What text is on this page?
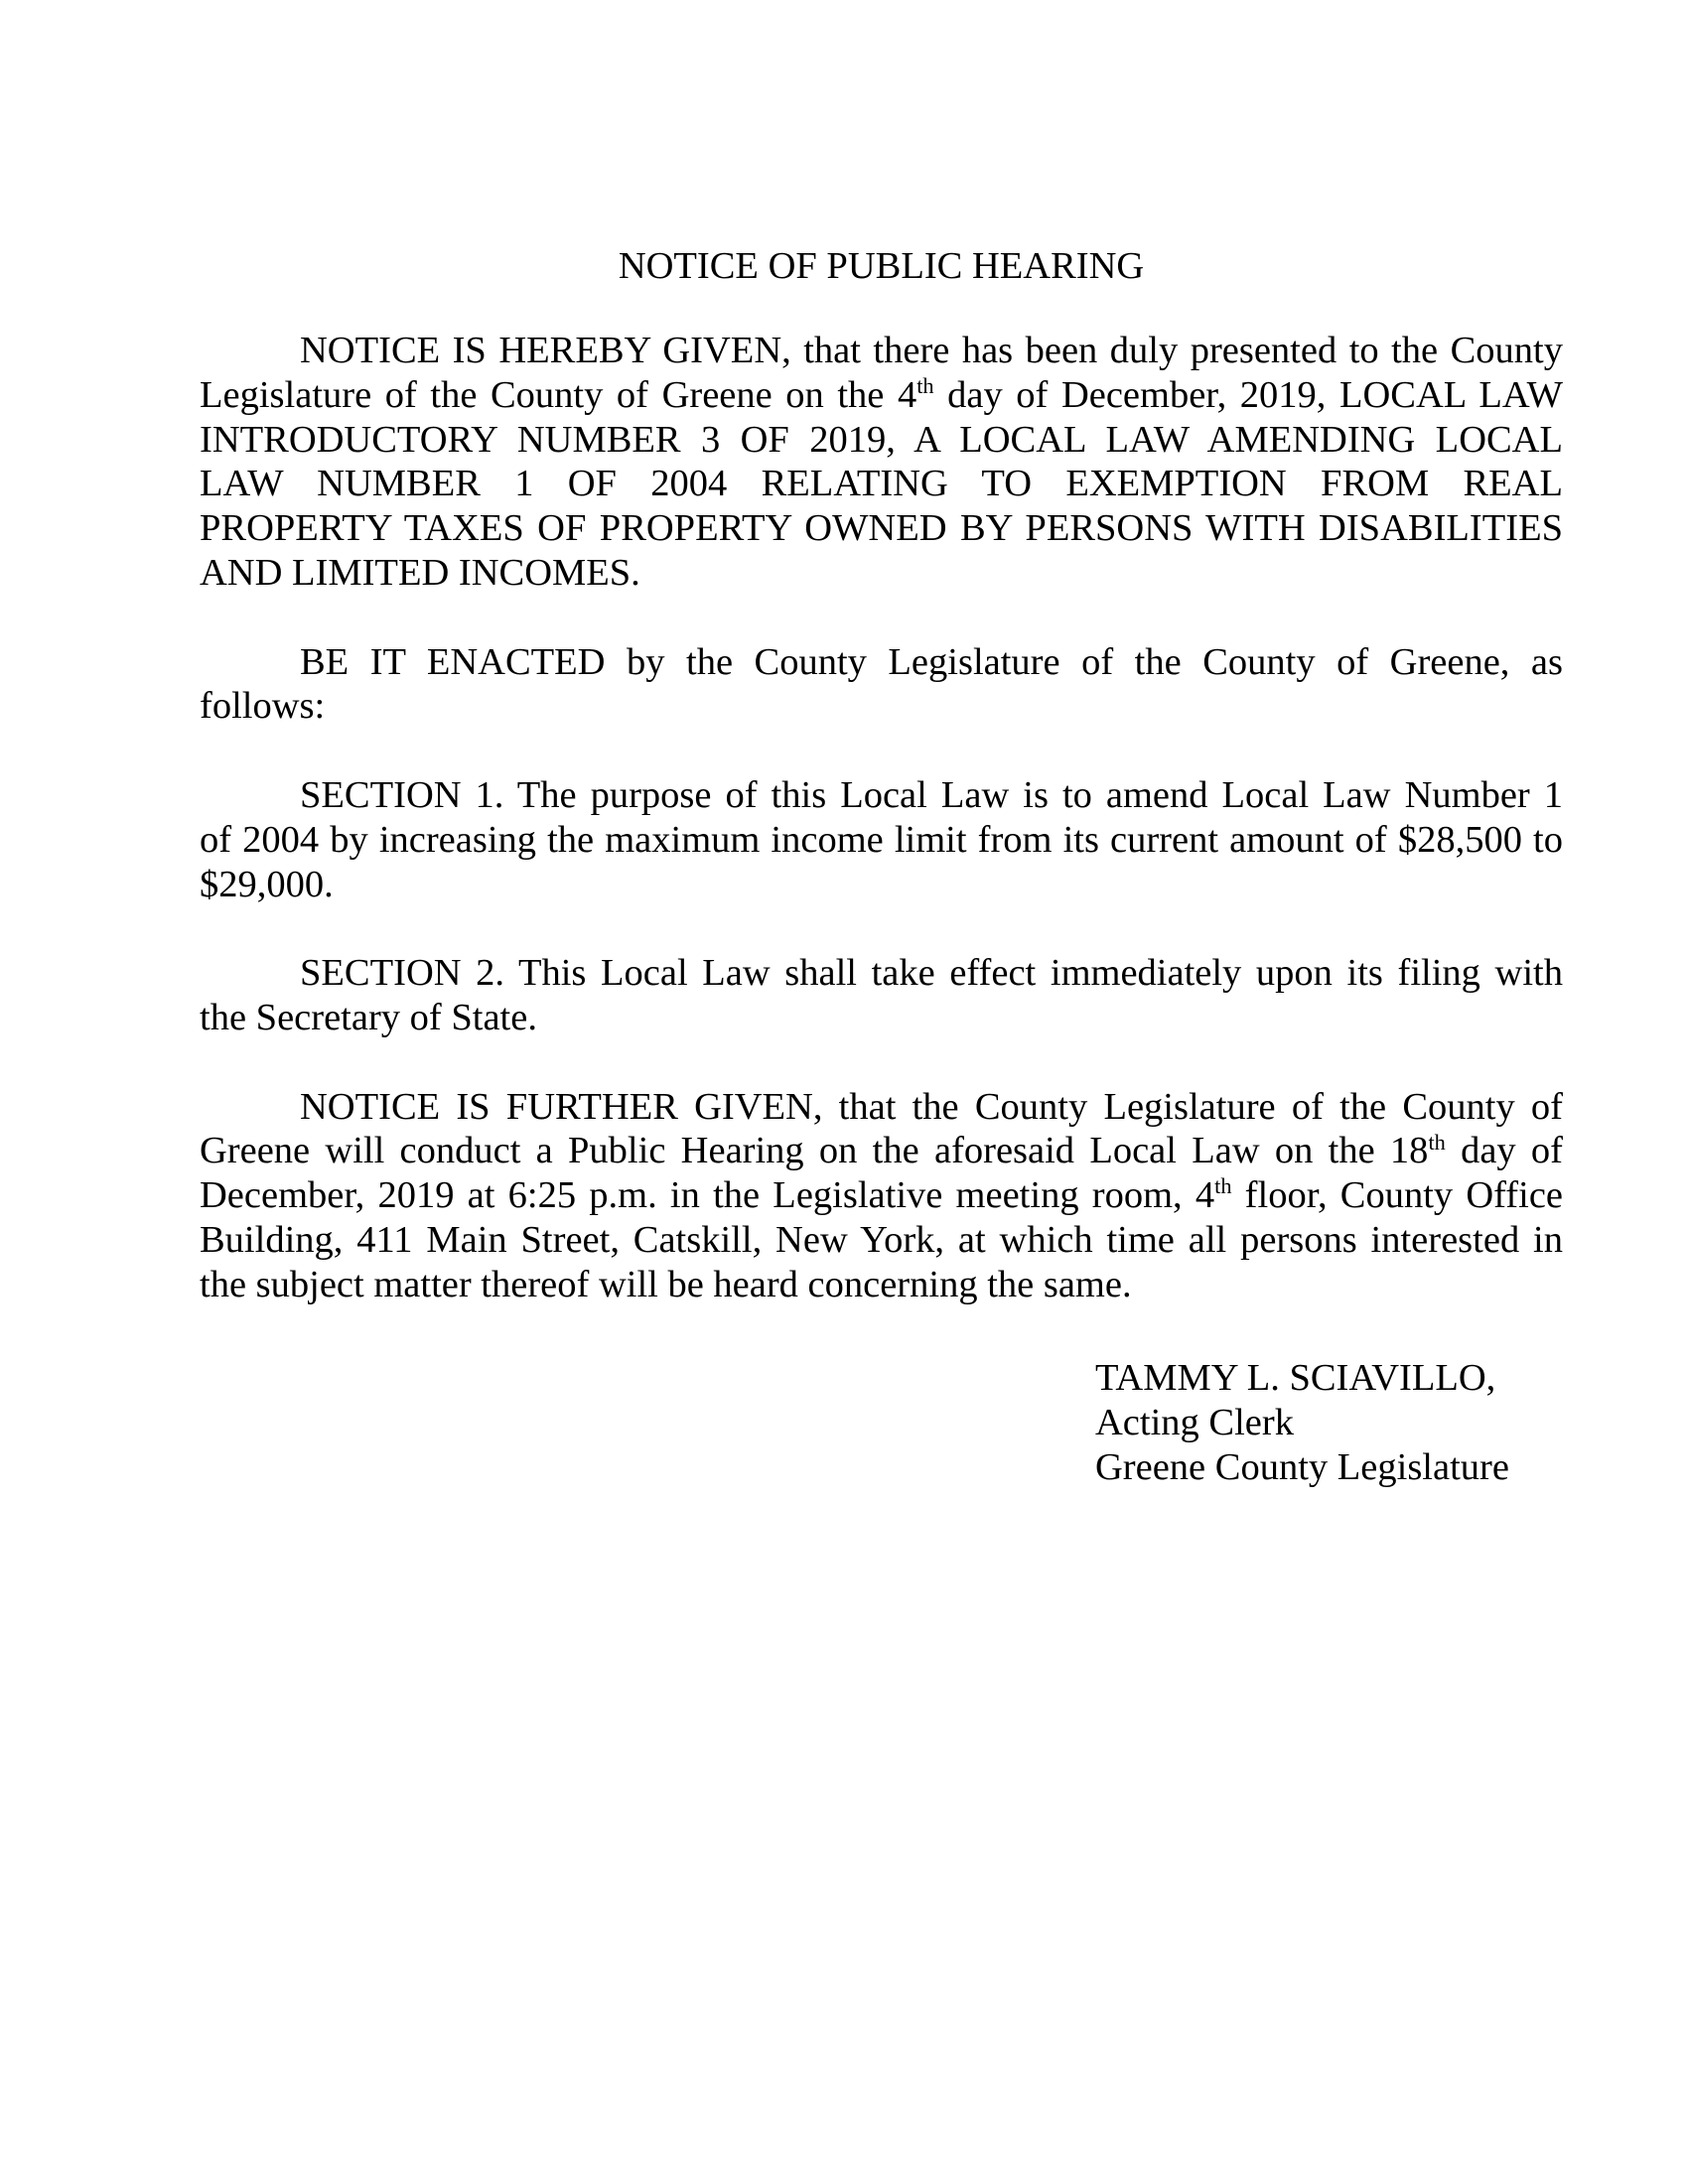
NOTICE OF PUBLIC HEARING
NOTICE IS HEREBY GIVEN, that there has been duly presented to the County
Legislature of the County of Greene on the 4th day of December, 2019, LOCAL LAW
INTRODUCTORY NUMBER 3 OF 2019, A LOCAL LAW AMENDING LOCAL
LAW NUMBER 1 OF 2004 RELATING TO EXEMPTION FROM REAL
PROPERTY TAXES OF PROPERTY OWNED BY PERSONS WITH DISABILITIES
AND LIMITED INCOMES.
BE IT ENACTED by the County Legislature of the County of Greene, as
follows:
SECTION 1. The purpose of this Local Law is to amend Local Law Number 1
of 2004 by increasing the maximum income limit from its current amount of $28,500 to
$29,000.
SECTION 2. This Local Law shall take effect immediately upon its filing with
the Secretary of State.
NOTICE IS FURTHER GIVEN, that the County Legislature of the County of
Greene will conduct a Public Hearing on the aforesaid Local Law on the 18th day of
December, 2019 at 6:25 p.m. in the Legislative meeting room, 4th floor, County Office
Building, 411 Main Street, Catskill, New York, at which time all persons interested in
the subject matter thereof will be heard concerning the same.
TAMMY L. SCIAVILLO,
Acting Clerk
Greene County Legislature
